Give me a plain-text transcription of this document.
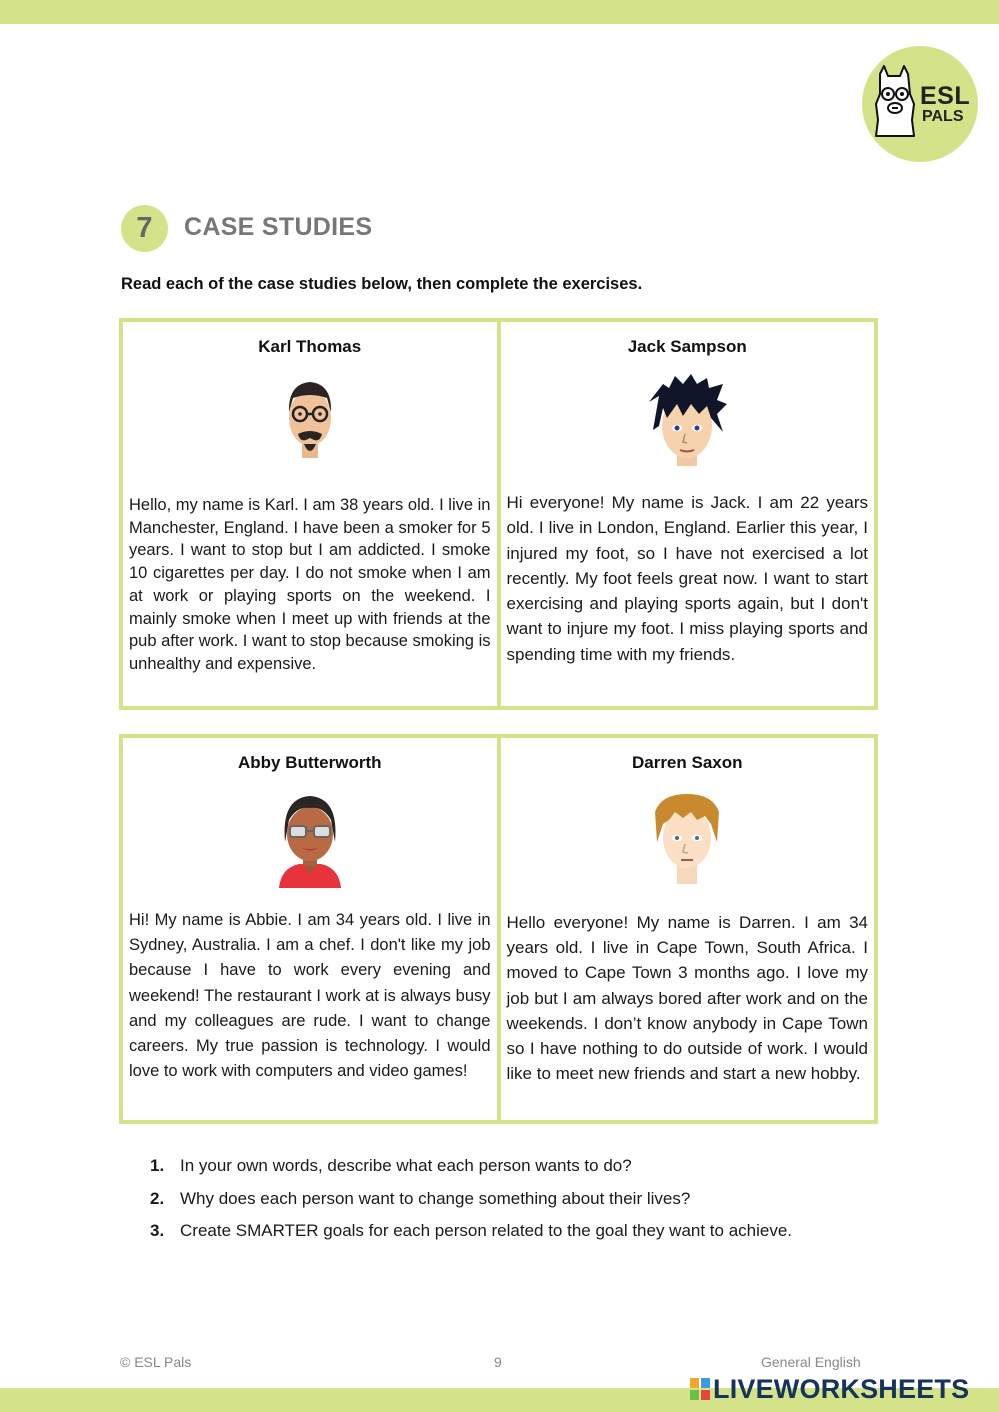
ESL
PALS
7	CASE STUDIES
Read each of the case studies below, then complete the exercises.
Karl Thomas
Hello, my name is Karl. I am 38 years old. I live in Manchester, England. I have been a smoker for 5 years. I want to stop but I am addicted. I smoke 10 cigarettes per day. I do not smoke when I am at work or playing sports on the weekend. I mainly smoke when I meet up with friends at the pub after work. I want to stop because smoking is unhealthy and expensive.
Jack Sampson
Hi everyone! My name is Jack. I am 22 years old. I live in London, England. Earlier this year, I injured my foot, so I have not exercised a lot recently. My foot feels great now. I want to start exercising and playing sports again, but I don't want to injure my foot. I miss playing sports and spending time with my friends.
Abby Butterworth
Hi! My name is Abbie. I am 34 years old. I live in Sydney, Australia. I am a chef. I don't like my job because I have to work every evening and weekend! The restaurant I work at is always busy and my colleagues are rude. I want to change careers. My true passion is technology. I would love to work with computers and video games!
Darren Saxon
Hello everyone! My name is Darren. I am 34 years old. I live in Cape Town, South Africa. I moved to Cape Town 3 months ago. I love my job but I am always bored after work and on the weekends. I don’t know anybody in Cape Town so I have nothing to do outside of work. I would like to meet new friends and start a new hobby.
1. In your own words, describe what each person wants to do?
2. Why does each person want to change something about their lives?
3. Create SMARTER goals for each person related to the goal they want to achieve.
© ESL Pals	9	General English
LIVEWORKSHEETS
